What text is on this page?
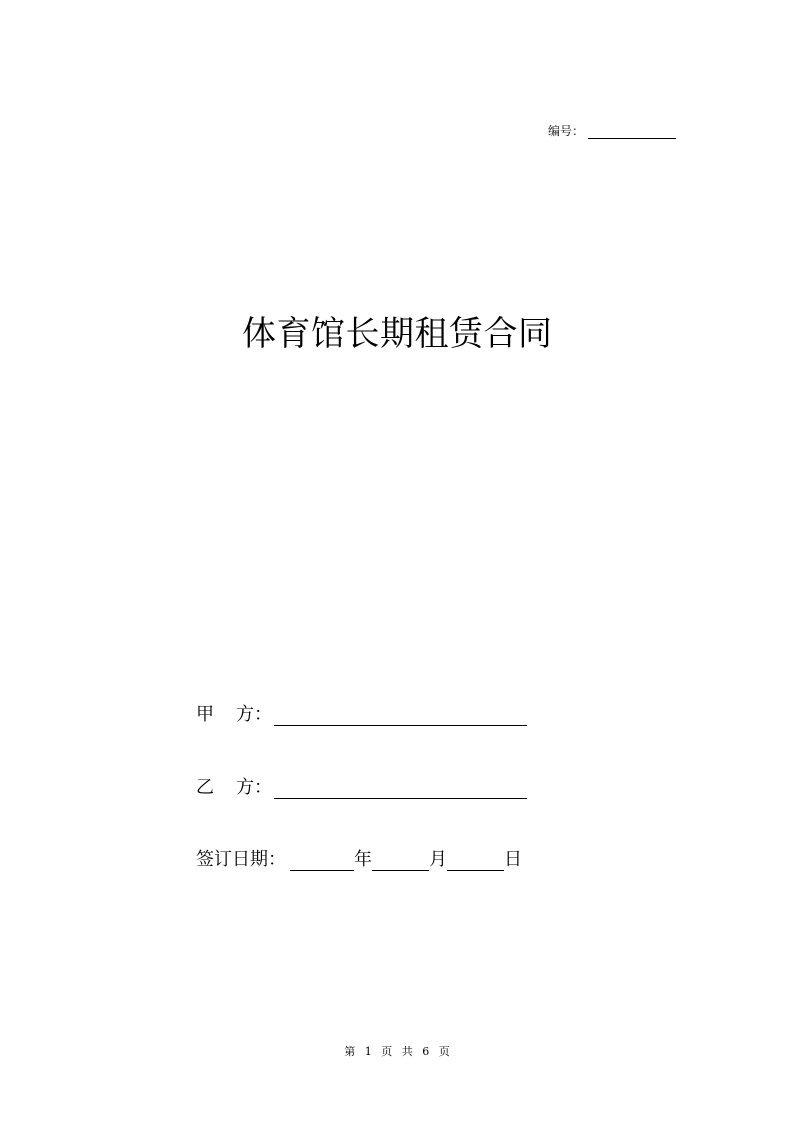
编号：
体育馆长期租赁合同
甲 方：
乙 方：
签订日期：	年	月	日
第 1 页 共 6 页
